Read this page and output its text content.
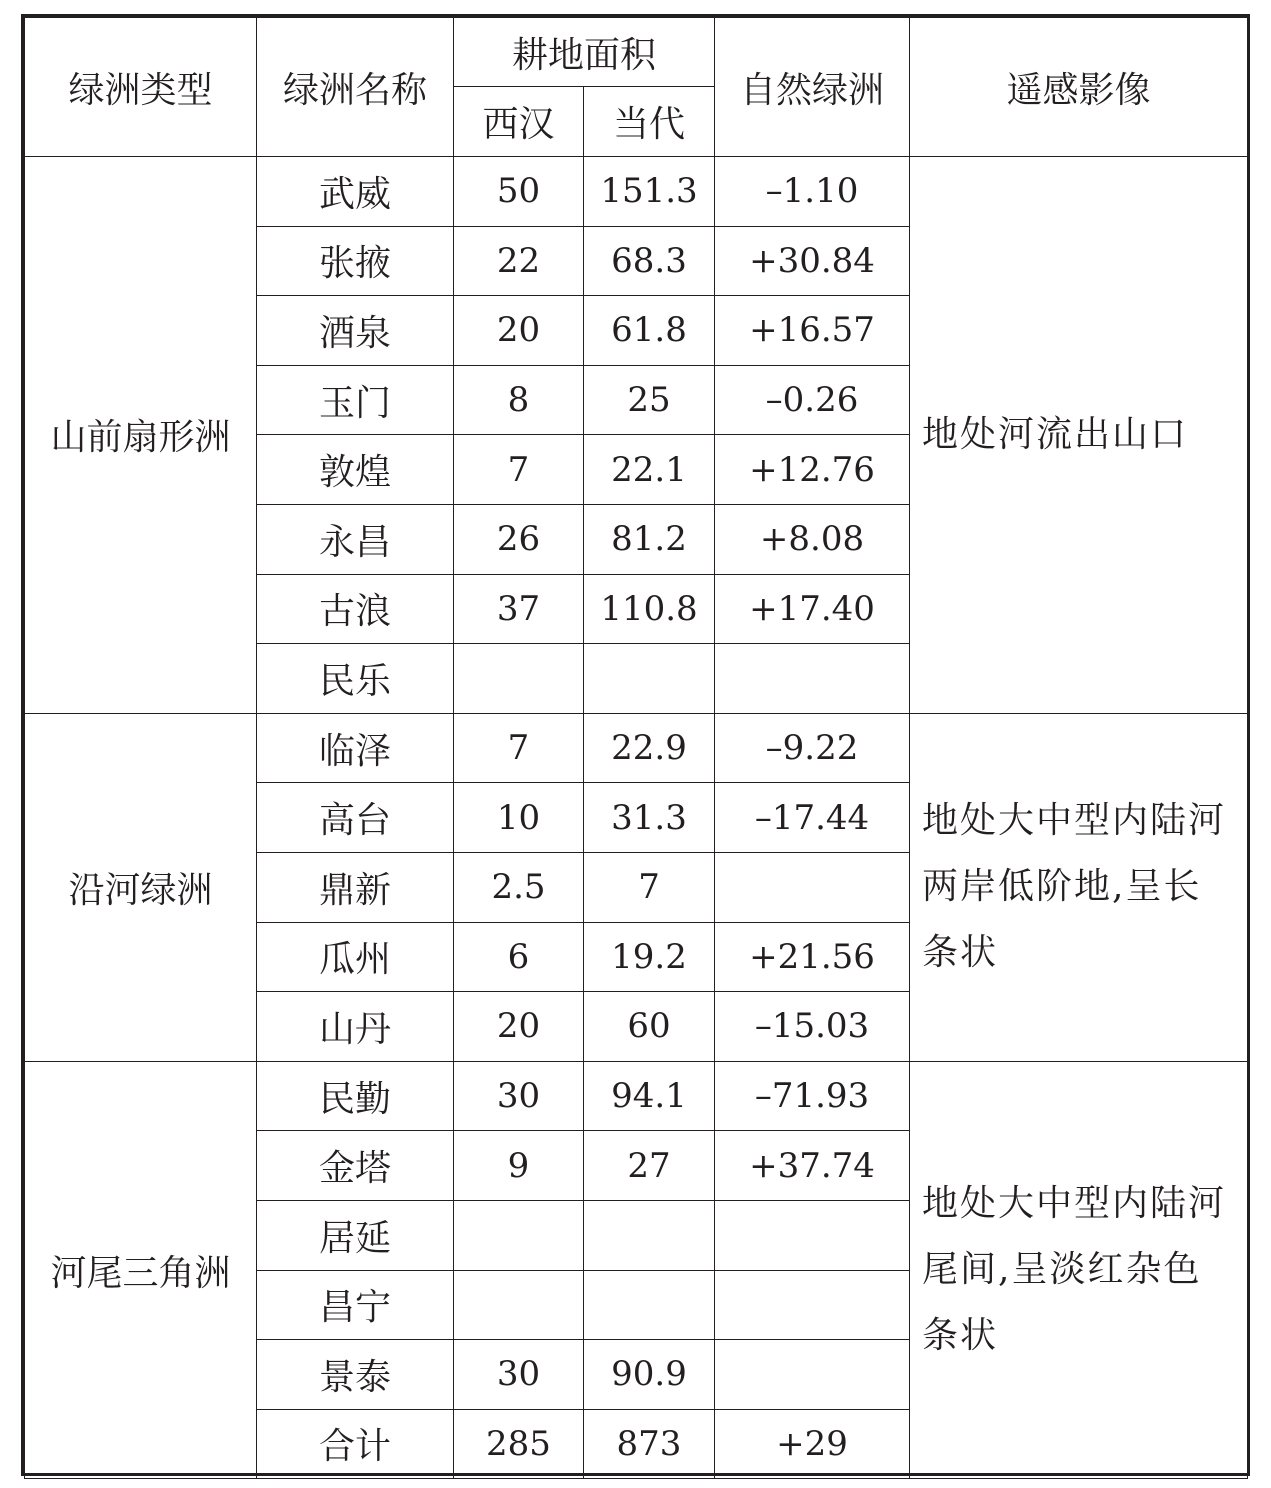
绿洲类型	绿洲名称	耕地面积		自然绿洲	遥感影像
		西汉	当代		
山前扇形洲	武威	50	151.3	–1.10	地处河流出山口
	张掖	22	68.3	+30.84	
	酒泉	20	61.8	+16.57	
	玉门	8	25	–0.26	
	敦煌	7	22.1	+12.76	
	永昌	26	81.2	+8.08	
	古浪	37	110.8	+17.40	
	民乐				
沿河绿洲	临泽	7	22.9	–9.22	地处大中型内陆河两岸低阶地,呈长条状
	高台	10	31.3	–17.44	
	鼎新	2.5	7		
	瓜州	6	19.2	+21.56	
	山丹	20	60	–15.03	
河尾三角洲	民勤	30	94.1	–71.93	地处大中型内陆河尾间,呈淡红杂色条状
	金塔	9	27	+37.74	
	居延				
	昌宁				
	景泰	30	90.9		
	合计	285	873	+29	
